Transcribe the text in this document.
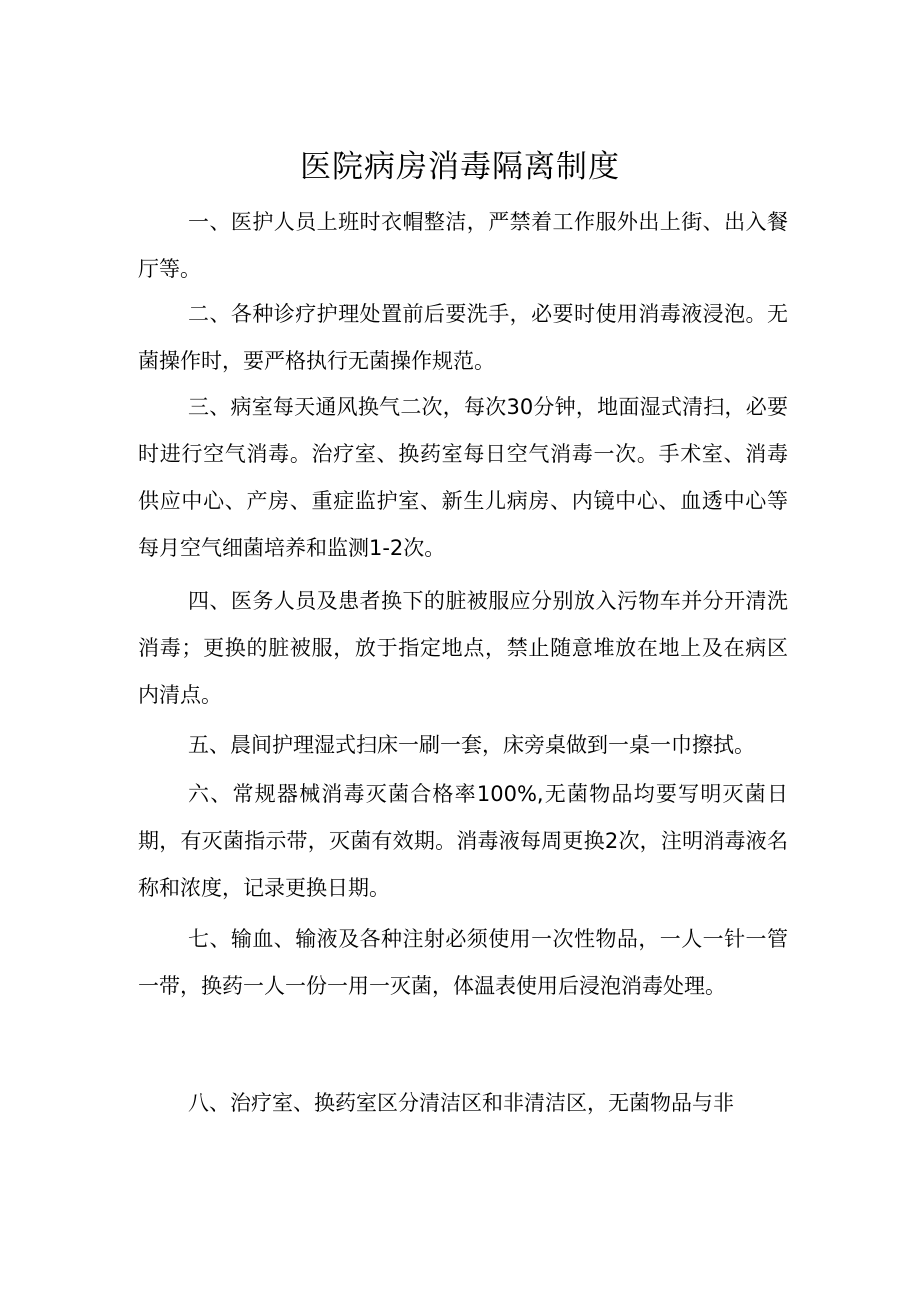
医院病房消毒隔离制度

一、医护人员上班时衣帽整洁，严禁着工作服外出上街、出入餐厅等。

二、各种诊疗护理处置前后要洗手，必要时使用消毒液浸泡。无菌操作时，要严格执行无菌操作规范。

三、病室每天通风换气二次，每次30分钟，地面湿式清扫，必要时进行空气消毒。治疗室、换药室每日空气消毒一次。手术室、消毒供应中心、产房、重症监护室、新生儿病房、内镜中心、血透中心等每月空气细菌培养和监测1-2次。

四、医务人员及患者换下的脏被服应分别放入污物车并分开清洗消毒；更换的脏被服，放于指定地点，禁止随意堆放在地上及在病区内清点。

五、晨间护理湿式扫床一刷一套，床旁桌做到一桌一巾擦拭。

六、常规器械消毒灭菌合格率100%,无菌物品均要写明灭菌日期，有灭菌指示带，灭菌有效期。消毒液每周更换2次，注明消毒液名称和浓度，记录更换日期。

七、输血、输液及各种注射必须使用一次性物品，一人一针一管一带，换药一人一份一用一灭菌，体温表使用后浸泡消毒处理。

八、治疗室、换药室区分清洁区和非清洁区，无菌物品与非
